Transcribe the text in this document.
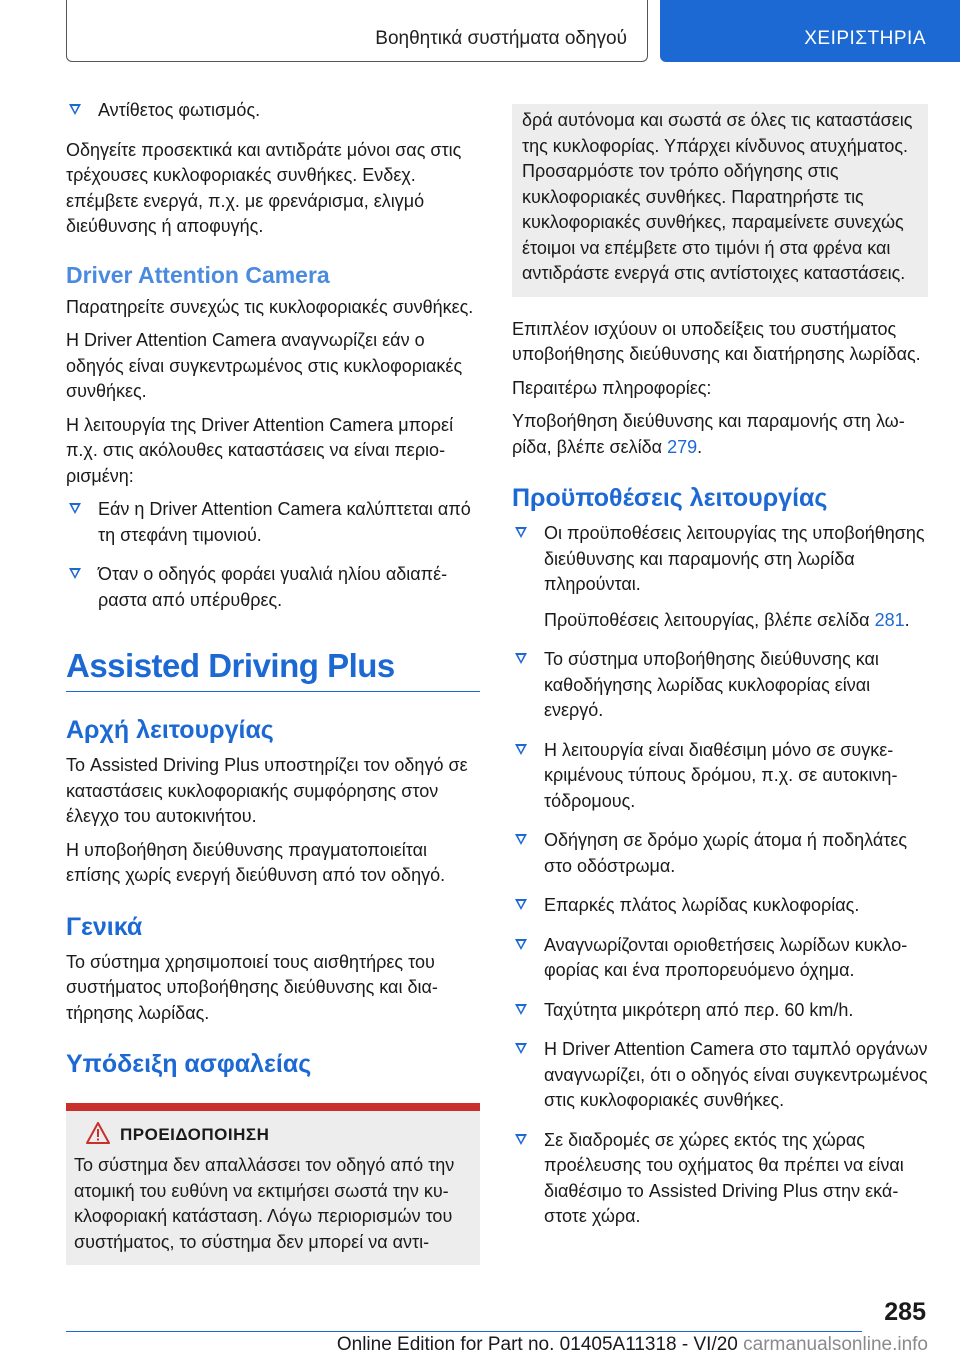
Βοηθητικά συστήματα οδηγού	ΧΕΙΡΙΣΤΗΡΙΑ

Αντίθετος φωτισμός.

Οδηγείτε προσεκτικά και αντιδράτε μόνοι σας στις τρέχουσες κυκλοφοριακές συνθήκες. Ενδεχ. επέμβετε ενεργά, π.χ. με φρενάρισμα, ελιγμό διεύθυνσης ή αποφυγής.

Driver Attention Camera

Παρατηρείτε συνεχώς τις κυκλοφοριακές συνθήκες.

Η Driver Attention Camera αναγνωρίζει εάν ο οδηγός είναι συγκεντρωμένος στις κυκλοφοριακές συνθήκες.

Η λειτουργία της Driver Attention Camera μπορεί π.χ. στις ακόλουθες καταστάσεις να είναι περιορισμένη:

Εάν η Driver Attention Camera καλύπτεται από τη στεφάνη τιμονιού.

Όταν ο οδηγός φοράει γυαλιά ηλίου αδιαπέραστα από υπέρυθρες.

Assisted Driving Plus
Αρχή λειτουργίας

Το Assisted Driving Plus υποστηρίζει τον οδηγό σε καταστάσεις κυκλοφοριακής συμφόρησης στον έλεγχο του αυτοκινήτου.

Η υποβοήθηση διεύθυνσης πραγματοποιείται επίσης χωρίς ενεργή διεύθυνση από τον οδηγό.

Γενικά

Το σύστημα χρησιμοποιεί τους αισθητήρες του συστήματος υποβοήθησης διεύθυνσης και διατήρησης λωρίδας.

Υπόδειξη ασφαλείας
ΠΡΟΕΙΔΟΠΟΙΗΣΗ

Το σύστημα δεν απαλλάσσει τον οδηγό από την ατομική του ευθύνη να εκτιμήσει σωστά την κυκλοφοριακή κατάσταση. Λόγω περιορισμών του συστήματος, το σύστημα δεν μπορεί να αντι-

δρά αυτόνομα και σωστά σε όλες τις καταστάσεις της κυκλοφορίας. Υπάρχει κίνδυνος ατυχήματος. Προσαρμόστε τον τρόπο οδήγησης στις κυκλοφοριακές συνθήκες. Παρατηρήστε τις κυκλοφοριακές συνθήκες, παραμείνετε συνεχώς έτοιμοι να επέμβετε στο τιμόνι ή στα φρένα και αντιδράστε ενεργά στις αντίστοιχες καταστάσεις.

Επιπλέον ισχύουν οι υποδείξεις του συστήματος υποβοήθησης διεύθυνσης και διατήρησης λωρίδας.

Περαιτέρω πληροφορίες:

Υποβοήθηση διεύθυνσης και παραμονής στη λωρίδα, βλέπε σελίδα 279.

Προϋποθέσεις λειτουργίας

Οι προϋποθέσεις λειτουργίας της υποβοήθησης διεύθυνσης και παραμονής στη λωρίδα πληρούνται.

Προϋποθέσεις λειτουργίας, βλέπε σελίδα 281.

Το σύστημα υποβοήθησης διεύθυνσης και καθοδήγησης λωρίδας κυκλοφορίας είναι ενεργό.

Η λειτουργία είναι διαθέσιμη μόνο σε συγκεκριμένους τύπους δρόμου, π.χ. σε αυτοκινητόδρομους.

Οδήγηση σε δρόμο χωρίς άτομα ή ποδηλάτες στο οδόστρωμα.

Επαρκές πλάτος λωρίδας κυκλοφορίας.

Αναγνωρίζονται οριοθετήσεις λωρίδων κυκλοφορίας και ένα προπορευόμενο όχημα.

Ταχύτητα μικρότερη από περ. 60 km/h.

Η Driver Attention Camera στο ταμπλό οργάνων αναγνωρίζει, ότι ο οδηγός είναι συγκεντρωμένος στις κυκλοφοριακές συνθήκες.

Σε διαδρομές σε χώρες εκτός της χώρας προέλευσης του οχήματος θα πρέπει να είναι διαθέσιμο το Assisted Driving Plus στην εκάστοτε χώρα.

285
Online Edition for Part no. 01405A11318 - VI/20 carmanualsonline.info
